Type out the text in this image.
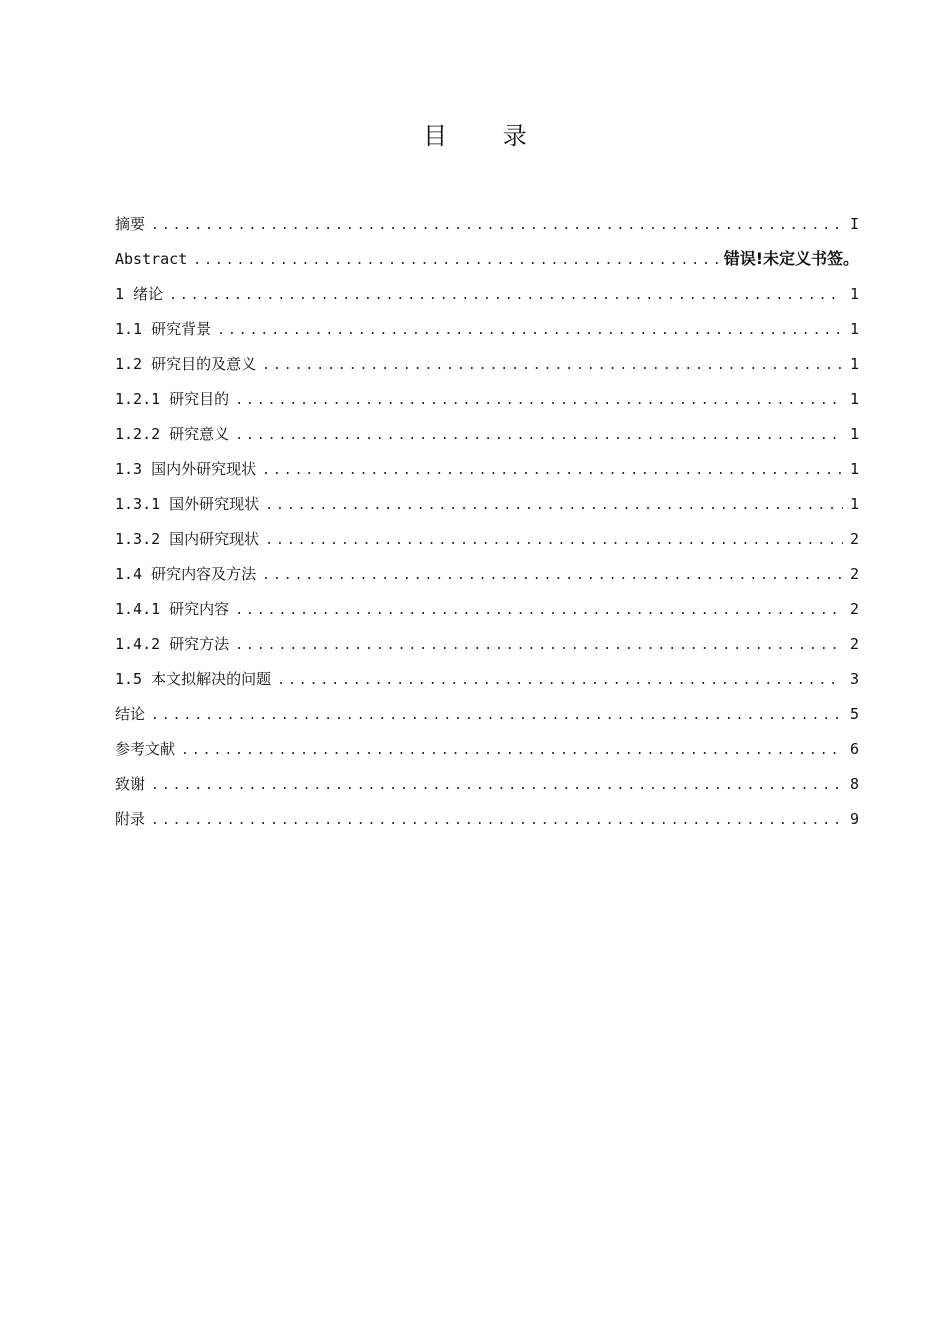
目 录
摘要 .....	I
Abstract .....	错误!未定义书签。
1 绪论 .....	1
1.1 研究背景 .....	1
1.2 研究目的及意义 .....	1
1.2.1 研究目的 .....	1
1.2.2 研究意义 .....	1
1.3 国内外研究现状 .....	1
1.3.1 国外研究现状 .....	1
1.3.2 国内研究现状 .....	2
1.4 研究内容及方法 .....	2
1.4.1 研究内容 .....	2
1.4.2 研究方法 .....	2
1.5 本文拟解决的问题 .....	3
结论 .....	5
参考文献 .....	6
致谢 .....	8
附录 .....	9
